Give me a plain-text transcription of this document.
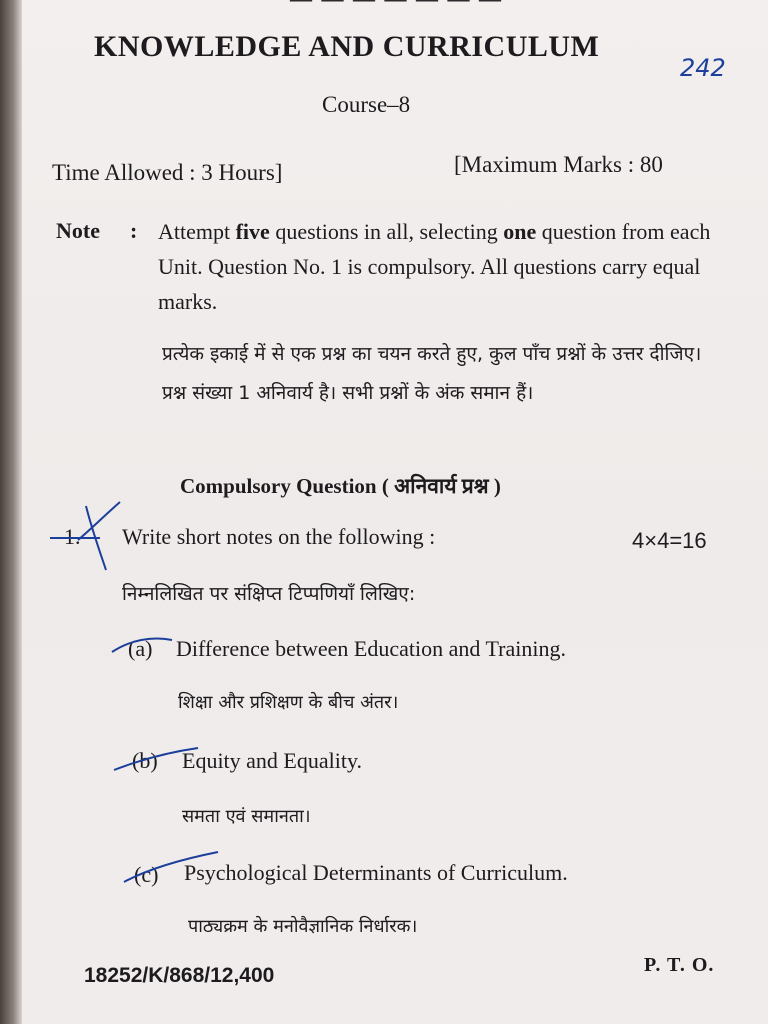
KNOWLEDGE AND CURRICULUM
Course–8
Time Allowed : 3 Hours]	[Maximum Marks : 80
Note : Attempt five questions in all, selecting one question from each Unit. Question No. 1 is compulsory. All questions carry equal marks.
प्रत्येक इकाई में से एक प्रश्न का चयन करते हुए, कुल पाँच प्रश्नों के उत्तर दीजिए। प्रश्न संख्या 1 अनिवार्य है। सभी प्रश्नों के अंक समान हैं।
Compulsory Question ( अनिवार्य प्रश्न )
1. Write short notes on the following :	4×4=16
निम्नलिखित पर संक्षिप्त टिप्पणियाँ लिखिए:
(a) Difference between Education and Training.
शिक्षा और प्रशिक्षण के बीच अंतर।
(b) Equity and Equality.
समता एवं समानता।
(c) Psychological Determinants of Curriculum.
पाठ्यक्रम के मनोवैज्ञानिक निर्धारक।
18252/K/868/12,400	P. T. O.
242
